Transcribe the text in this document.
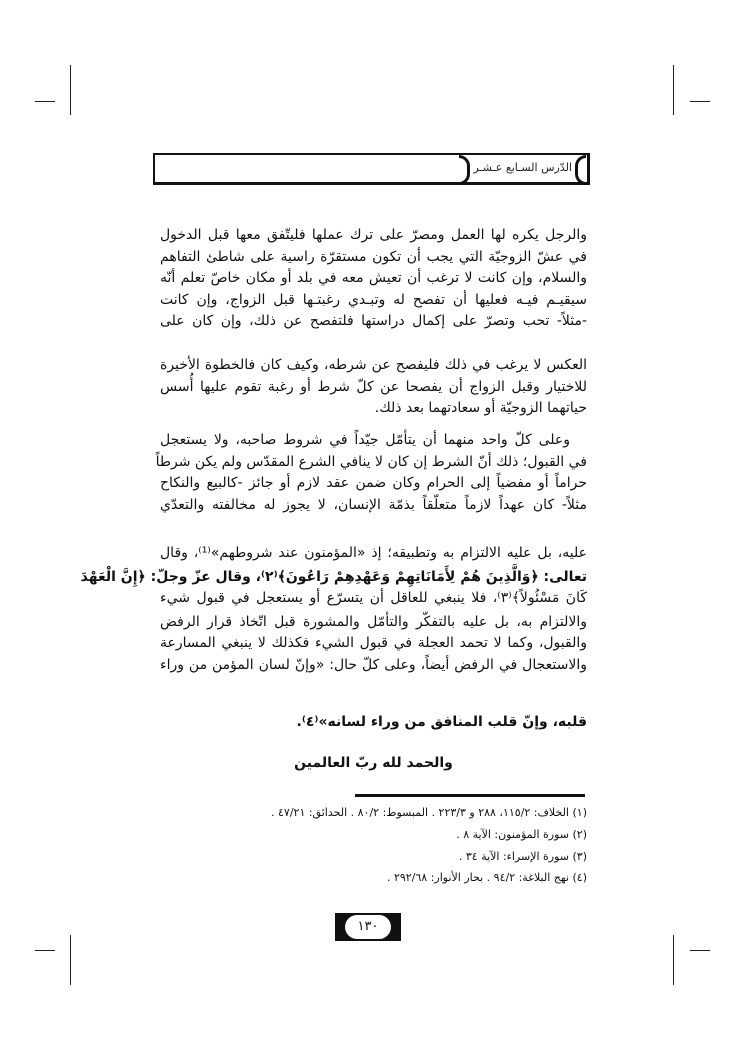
الدّرس السـابع عـشـر
والرجل يكره لها العمل ومصرّ على ترك عملها فليتّفق معها قبل الدخول
في عشّ الزوجيّة التي يجب أن تكون مستقرّة راسية على شاطئ التفاهم
والسلام، وإن كانت لا ترغب أن تعيش معه في بلد أو مكان خاصّ تعلم أنّه
سيقيـم فيـه فعليها أن تفصح له وتبـدي رغبتـها قبل الزواج، وإن كانت
-مثلاً- تحب وتصرّ على إكمال دراستها فلتفصح عن ذلك، وإن كان على
العكس لا يرغب في ذلك فليفصح عن شرطه، وكيف كان فالخطوة الأخيرة
للاختيار وقبل الزواج أن يفصحا عن كلّ شرط أو رغبة تقوم عليها أُسس
حياتهما الزوجيّة أو سعادتهما بعد ذلك.
وعلى كلّ واحد منهما أن يتأمّل جيّداً في شروط صاحبه، ولا يستعجل
في القبول؛ ذلك أنّ الشرط إن كان لا ينافي الشرع المقدّس ولم يكن شرطاً
حراماً أو مفضياً إلى الحرام وكان ضمن عقد لازم أو جائز -كالبيع والنكاح
مثلاً- كان عهداً لازماً متعلّقاً بذمّة الإنسان، لا يجوز له مخالفته والتعدّي
عليه، بل عليه الالتزام به وتطبيقه؛ إذ «المؤمنون عند شروطهم»⁽¹⁾، وقال
تعالى: ﴿وَالَّذِينَ هُمْ لِأَمَانَاتِهِمْ وَعَهْدِهِمْ رَاعُونَ﴾⁽٢⁾، وقال عزّ وجلّ: ﴿إِنَّ الْعَهْدَ
كَانَ مَسْئُولاً﴾⁽٣⁾، فلا ينبغي للعاقل أن يتسرّع أو يستعجل في قبول شيء
والالتزام به، بل عليه بالتفكّر والتأمّل والمشورة قبل اتّخاذ قرار الرفض
والقبول، وكما لا تحمد العجلة في قبول الشيء فكذلك لا ينبغي المسارعة
والاستعجال في الرفض أيضاً، وعلى كلّ حال: «وإنّ لسان المؤمن من وراء
قلبه، وإنّ قلب المنافق من وراء لسانه»⁽٤⁾.
والحمد لله ربّ العالمين
(١) الخلاف: ١١٥/٢، ٢٨٨ و ٢٢٣/٣ . المبسوط: ٨٠/٢ . الحدائق: ٤٧/٢١ .
(٢) سورة المؤمنون: الآية ٨ .
(٣) سورة الإسراء: الآية ٣٤ .
(٤) نهج البلاغة: ٩٤/٢ . بحار الأنوار: ٢٩٢/٦٨ .
١٣٠
